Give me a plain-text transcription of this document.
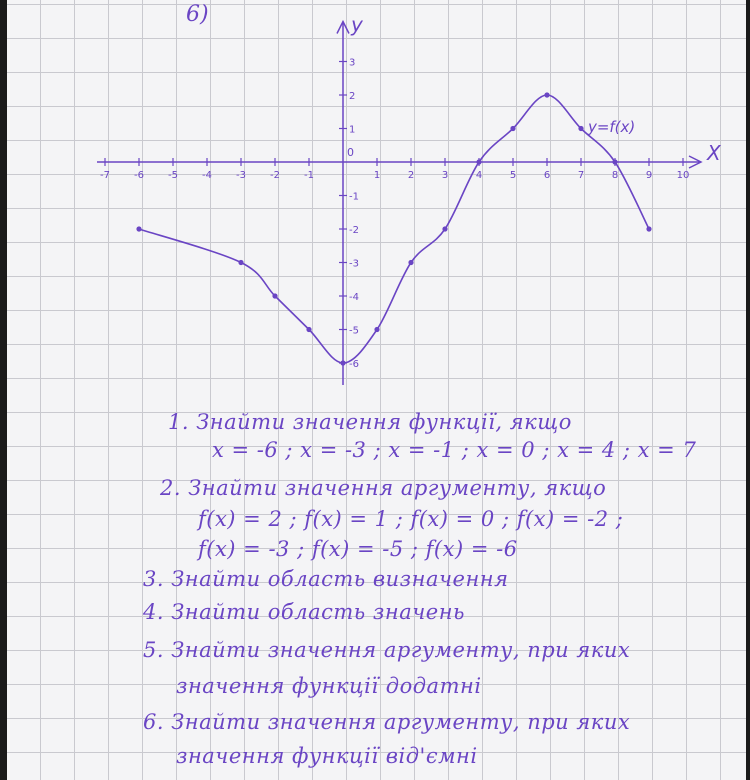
6)
X
y
0
-7 -6 -5 -4 -3 -2 -1	1	2	3	4	5	6	7	8	9 10
3
2
1
-1
-2
-3
-4
-5
-6
y=f(x)
1. Знайти значення функції, якщо
x = -6 ; x = -3 ; x = -1 ; x = 0 ; x = 4 ; x = 7
2. Знайти значення аргументу, якщо
f(x) = 2 ; f(x) = 1 ; f(x) = 0 ; f(x) = -2 ;
f(x) = -3 ; f(x) = -5 ; f(x) = -6
3. Знайти область визначення
4. Знайти область значень
5. Знайти значення аргументу, при яких
значення функції додатні
6. Знайти значення аргументу, при яких
значення функції від'ємні
